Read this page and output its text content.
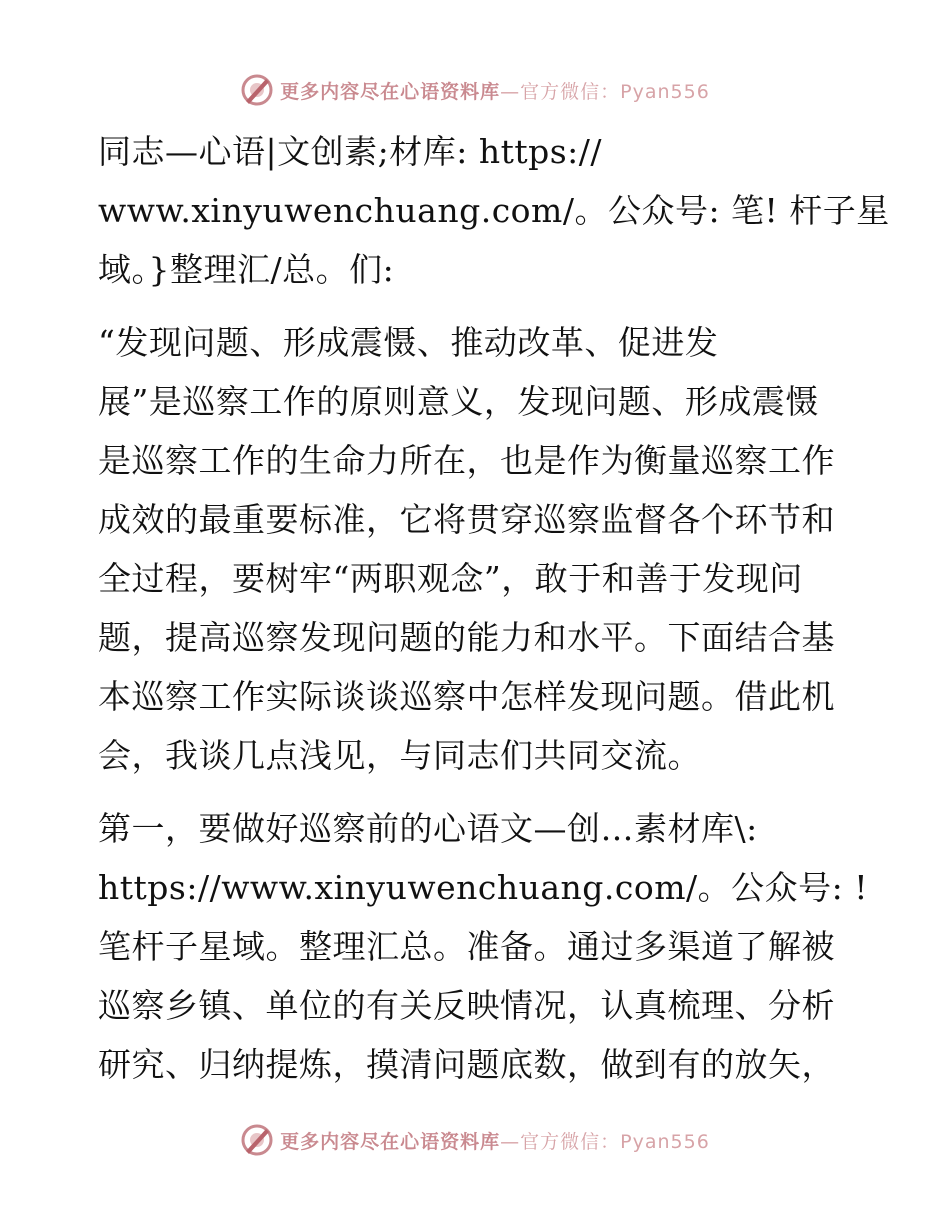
更多内容尽在心语资料库 —官方微信：Pyan556
同志—心语|文创素;材库: https://
www.xinyuwenchuang.com/。公众号: 笔! 杆子星
域。}整理汇/总。们:
“发现问题、形成震慑、推动改革、促进发
展”是巡察工作的原则意义，发现问题、形成震慑
是巡察工作的生命力所在，也是作为衡量巡察工作
成效的最重要标准，它将贯穿巡察监督各个环节和
全过程，要树牢“两职观念”，敢于和善于发现问
题，提高巡察发现问题的能力和水平。下面结合基
本巡察工作实际谈谈巡察中怎样发现问题。借此机
会，我谈几点浅见，与同志们共同交流。
第一，要做好巡察前的心语文—创…素材库\:
https://www.xinyuwenchuang.com/。公众号: !
笔杆子星域。整理汇总。准备。通过多渠道了解被
巡察乡镇、单位的有关反映情况，认真梳理、分析
研究、归纳提炼，摸清问题底数，做到有的放矢，
更多内容尽在心语资料库 —官方微信：Pyan556
